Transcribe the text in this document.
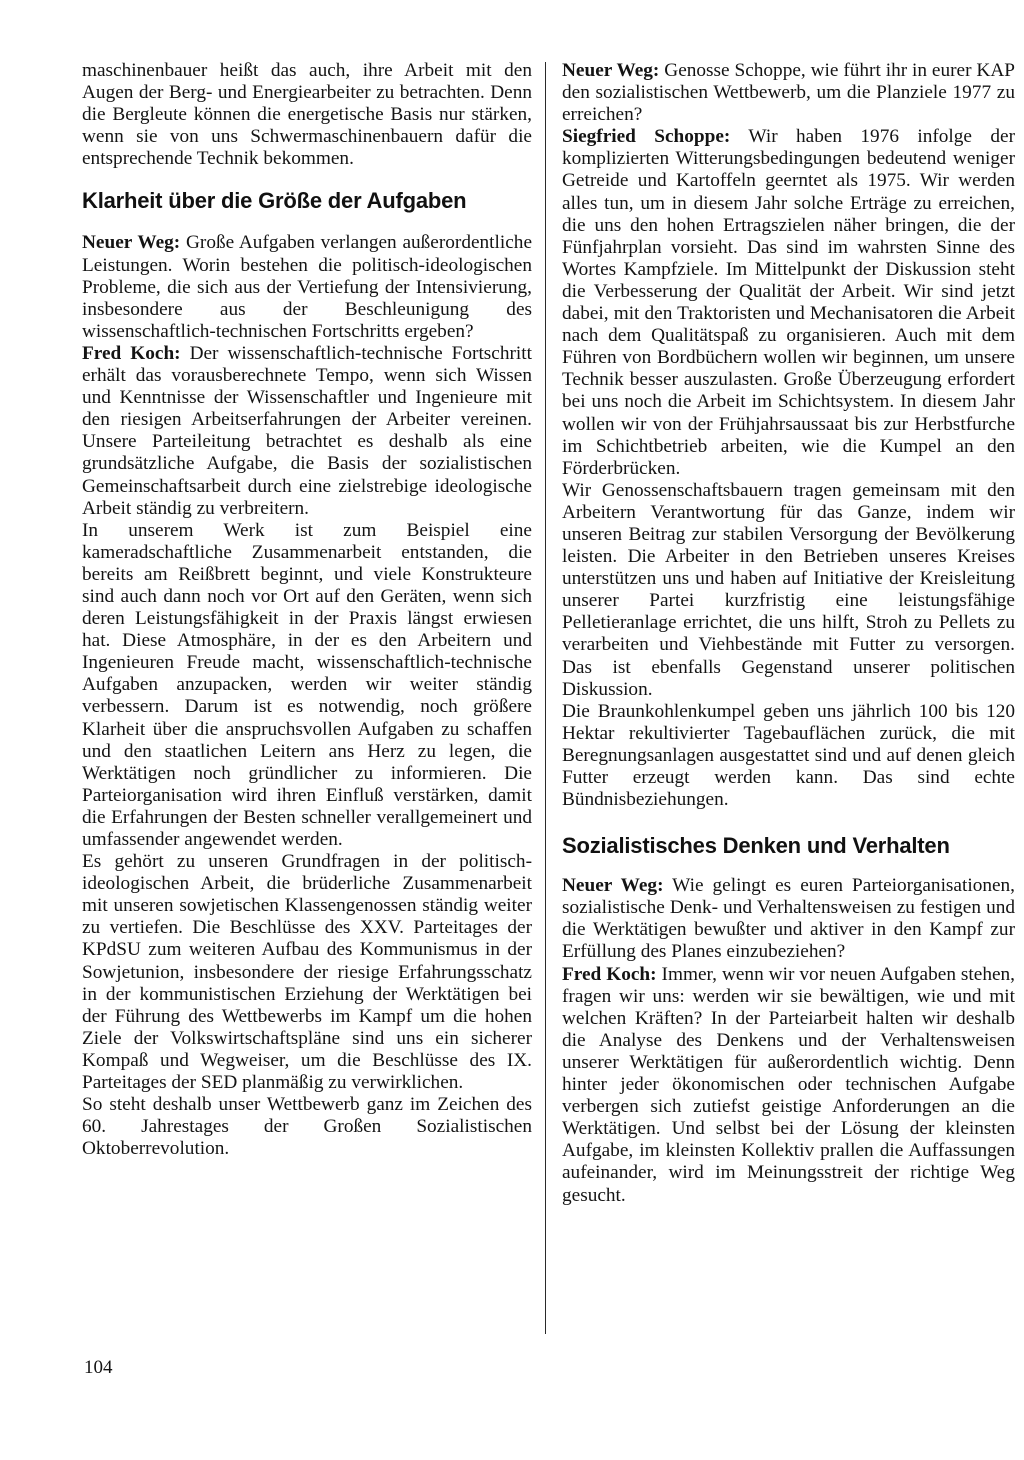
maschinenbauer heißt das auch, ihre Arbeit mit den Augen der Berg- und Energiearbeiter zu betrachten. Denn die Bergleute können die energetische Basis nur stärken, wenn sie von uns Schwermaschinenbauern dafür die entsprechende Technik bekommen.

Klarheit über die Größe der Aufgaben

Neuer Weg: Große Aufgaben verlangen außerordentliche Leistungen. Worin bestehen die politisch-ideologischen Probleme, die sich aus der Vertiefung der Intensivierung, insbesondere aus der Beschleunigung des wissenschaftlich-technischen Fortschritts ergeben?

Fred Koch: Der wissenschaftlich-technische Fortschritt erhält das vorausberechnete Tempo, wenn sich Wissen und Kenntnisse der Wissenschaftler und Ingenieure mit den riesigen Arbeitserfahrungen der Arbeiter vereinen. Unsere Parteileitung betrachtet es deshalb als eine grundsätzliche Aufgabe, die Basis der sozialistischen Gemeinschaftsarbeit durch eine zielstrebige ideologische Arbeit ständig zu verbreitern.

In unserem Werk ist zum Beispiel eine kameradschaftliche Zusammenarbeit entstanden, die bereits am Reißbrett beginnt, und viele Konstrukteure sind auch dann noch vor Ort auf den Geräten, wenn sich deren Leistungsfähigkeit in der Praxis längst erwiesen hat. Diese Atmosphäre, in der es den Arbeitern und Ingenieuren Freude macht, wissenschaftlich-technische Aufgaben anzupacken, werden wir weiter ständig verbessern. Darum ist es notwendig, noch größere Klarheit über die anspruchsvollen Aufgaben zu schaffen und den staatlichen Leitern ans Herz zu legen, die Werktätigen noch gründlicher zu informieren. Die Parteiorganisation wird ihren Einfluß verstärken, damit die Erfahrungen der Besten schneller verallgemeinert und umfassender angewendet werden.

Es gehört zu unseren Grundfragen in der politisch-ideologischen Arbeit, die brüderliche Zusammenarbeit mit unseren sowjetischen Klassengenossen ständig weiter zu vertiefen. Die Beschlüsse des XXV. Parteitages der KPdSU zum weiteren Aufbau des Kommunismus in der Sowjetunion, insbesondere der riesige Erfahrungsschatz in der kommunistischen Erziehung der Werktätigen bei der Führung des Wettbewerbs im Kampf um die hohen Ziele der Volkswirtschaftspläne sind uns ein sicherer Kompaß und Wegweiser, um die Beschlüsse des IX. Parteitages der SED planmäßig zu verwirklichen.

So steht deshalb unser Wettbewerb ganz im Zeichen des 60. Jahrestages der Großen Sozialistischen Oktoberrevolution.

Neuer Weg: Genosse Schoppe, wie führt ihr in eurer KAP den sozialistischen Wettbewerb, um die Planziele 1977 zu erreichen?

Siegfried Schoppe: Wir haben 1976 infolge der komplizierten Witterungsbedingungen bedeutend weniger Getreide und Kartoffeln geerntet als 1975. Wir werden alles tun, um in diesem Jahr solche Erträge zu erreichen, die uns den hohen Ertragszielen näher bringen, die der Fünfjahrplan vorsieht. Das sind im wahrsten Sinne des Wortes Kampfziele. Im Mittelpunkt der Diskussion steht die Verbesserung der Qualität der Arbeit. Wir sind jetzt dabei, mit den Traktoristen und Mechanisatoren die Arbeit nach dem Qualitätspaß zu organisieren. Auch mit dem Führen von Bordbüchern wollen wir beginnen, um unsere Technik besser auszulasten. Große Überzeugung erfordert bei uns noch die Arbeit im Schichtsystem. In diesem Jahr wollen wir von der Frühjahrsaussaat bis zur Herbstfurche im Schichtbetrieb arbeiten, wie die Kumpel an den Förderbrücken.

Wir Genossenschaftsbauern tragen gemeinsam mit den Arbeitern Verantwortung für das Ganze, indem wir unseren Beitrag zur stabilen Versorgung der Bevölkerung leisten. Die Arbeiter in den Betrieben unseres Kreises unterstützen uns und haben auf Initiative der Kreisleitung unserer Partei kurzfristig eine leistungsfähige Pelletieranlage errichtet, die uns hilft, Stroh zu Pellets zu verarbeiten und Viehbestände mit Futter zu versorgen. Das ist ebenfalls Gegenstand unserer politischen Diskussion.

Die Braunkohlenkumpel geben uns jährlich 100 bis 120 Hektar rekultivierter Tagebauflächen zurück, die mit Beregnungsanlagen ausgestattet sind und auf denen gleich Futter erzeugt werden kann. Das sind echte Bündnisbeziehungen.

Sozialistisches Denken und Verhalten

Neuer Weg: Wie gelingt es euren Parteiorganisationen, sozialistische Denk- und Verhaltensweisen zu festigen und die Werktätigen bewußter und aktiver in den Kampf zur Erfüllung des Planes einzubeziehen?

Fred Koch: Immer, wenn wir vor neuen Aufgaben stehen, fragen wir uns: werden wir sie bewältigen, wie und mit welchen Kräften? In der Parteiarbeit halten wir deshalb die Analyse des Denkens und der Verhaltensweisen unserer Werktätigen für außerordentlich wichtig. Denn hinter jeder ökonomischen oder technischen Aufgabe verbergen sich zutiefst geistige Anforderungen an die Werktätigen. Und selbst bei der Lösung der kleinsten Aufgabe, im kleinsten Kollektiv prallen die Auffassungen aufeinander, wird im Meinungsstreit der richtige Weg gesucht.

104
